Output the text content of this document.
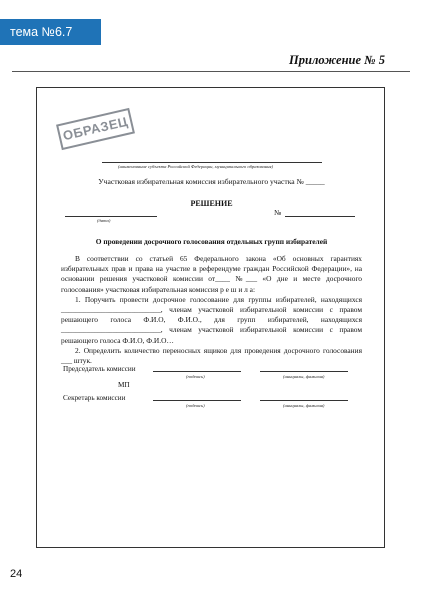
тема №6.7
Приложение № 5
ОБРАЗЕЦ
(наименование субъекта Российской Федерации, муниципального образования)
Участковая избирательная комиссия избирательного участка № _____
РЕШЕНИЕ
(дата)
№
О проведении досрочного голосования отдельных групп избирателей

В соответствии со статьей 65 Федерального закона «Об основных гарантиях избирательных прав и права на участие в референдуме граждан Российской Федерации», на основании решения участковой комиссии от____ №___ «О дне и месте досрочного голосования» участковая избирательная комиссия р е ш и л а:

1. Поручить провести досрочное голосование для группы избирателей, находящихся ___________________________, членам участковой избирательной комиссии с правом решающего голоса Ф.И.О, Ф.И.О., для групп избирателей, находящихся ___________________________, членам участковой избирательной комиссии с правом решающего голоса Ф.И.О, Ф.И.О…

2. Определить количество переносных ящиков для проведения досрочного голосования ___ штук.

Председатель комиссии
(подпись)	(инициалы, фамилия)
МП
Секретарь комиссии
(подпись)	(инициалы, фамилия)
24
